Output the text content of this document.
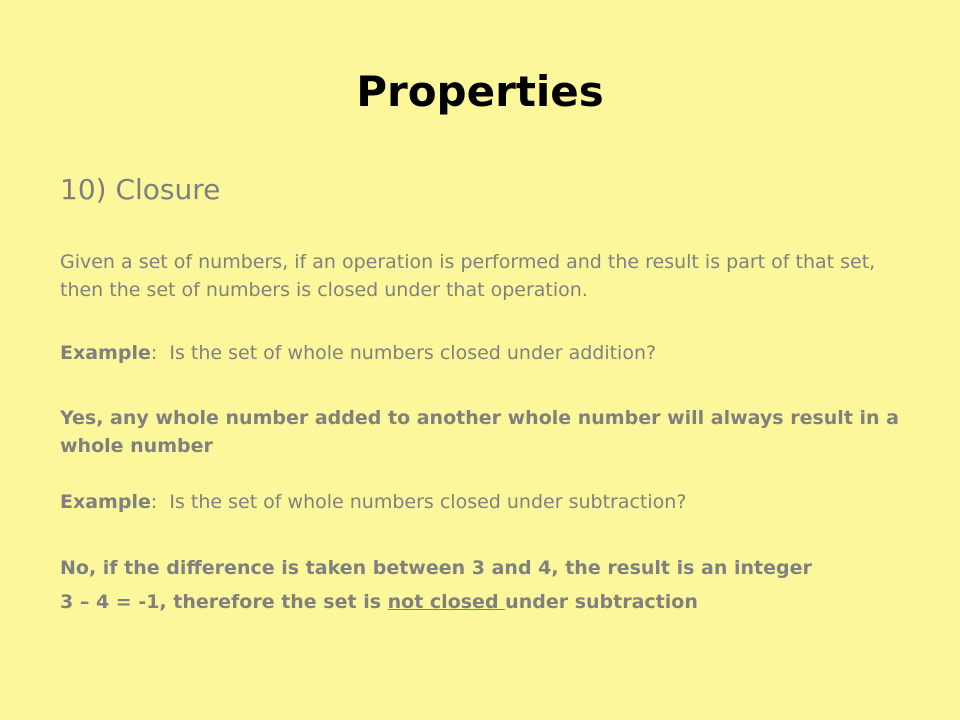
Properties

10) Closure

Given a set of numbers, if an operation is performed and the result is part of that set, then the set of numbers is closed under that operation.

Example:  Is the set of whole numbers closed under addition?

Yes, any whole number added to another whole number will always result in a whole number

Example:  Is the set of whole numbers closed under subtraction?

No, if the difference is taken between 3 and 4, the result is an integer

3 – 4 = -1, therefore the set is not closed under subtraction
